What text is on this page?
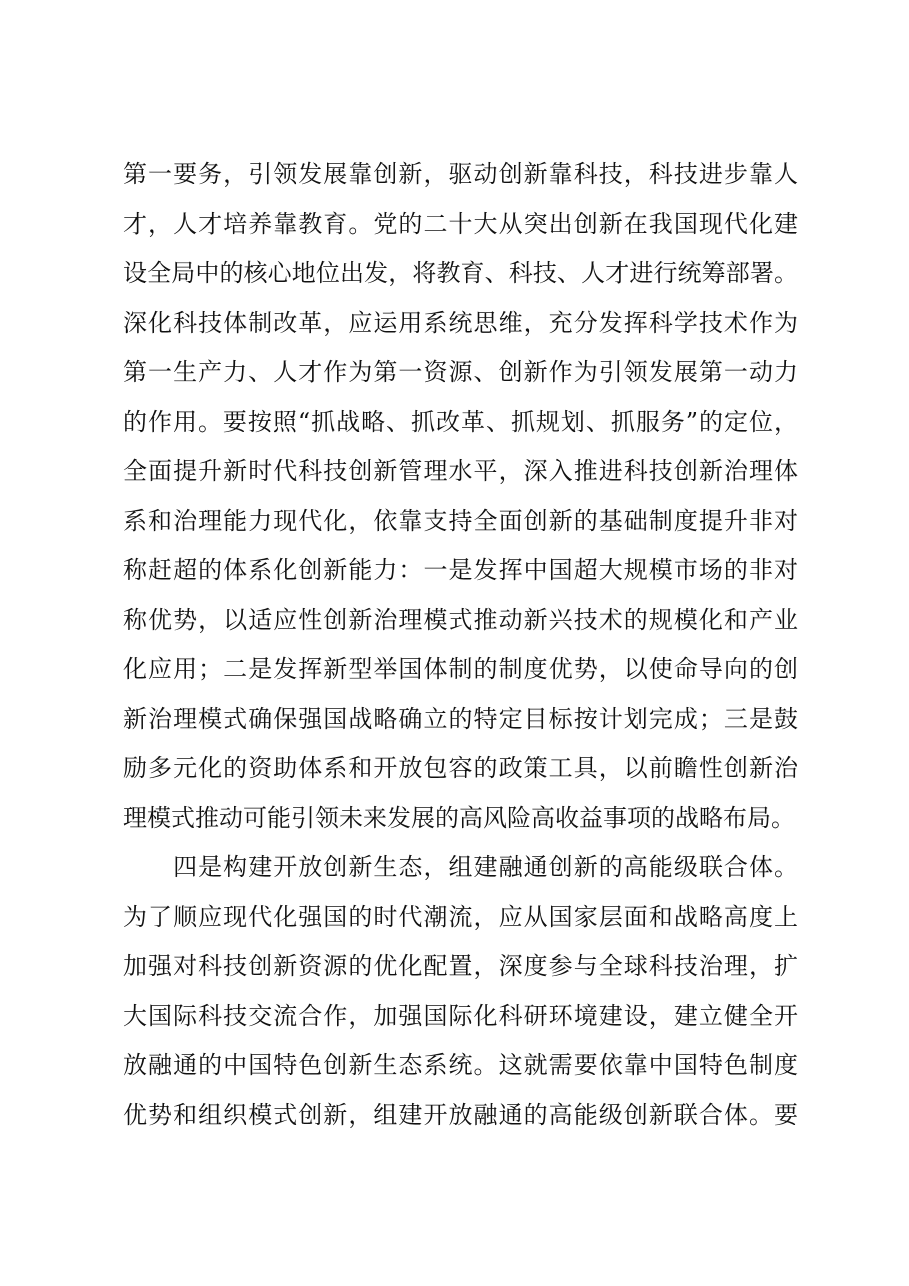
第一要务，引领发展靠创新，驱动创新靠科技，科技进步靠人
才，人才培养靠教育。党的二十大从突出创新在我国现代化建
设全局中的核心地位出发，将教育、科技、人才进行统筹部署。
深化科技体制改革，应运用系统思维，充分发挥科学技术作为
第一生产力、人才作为第一资源、创新作为引领发展第一动力
的作用。要按照“抓战略、抓改革、抓规划、抓服务”的定位，
全面提升新时代科技创新管理水平，深入推进科技创新治理体
系和治理能力现代化，依靠支持全面创新的基础制度提升非对
称赶超的体系化创新能力：一是发挥中国超大规模市场的非对
称优势，以适应性创新治理模式推动新兴技术的规模化和产业
化应用；二是发挥新型举国体制的制度优势，以使命导向的创
新治理模式确保强国战略确立的特定目标按计划完成；三是鼓
励多元化的资助体系和开放包容的政策工具，以前瞻性创新治
理模式推动可能引领未来发展的高风险高收益事项的战略布局。
　　四是构建开放创新生态，组建融通创新的高能级联合体。
为了顺应现代化强国的时代潮流，应从国家层面和战略高度上
加强对科技创新资源的优化配置，深度参与全球科技治理，扩
大国际科技交流合作，加强国际化科研环境建设，建立健全开
放融通的中国特色创新生态系统。这就需要依靠中国特色制度
优势和组织模式创新，组建开放融通的高能级创新联合体。要
